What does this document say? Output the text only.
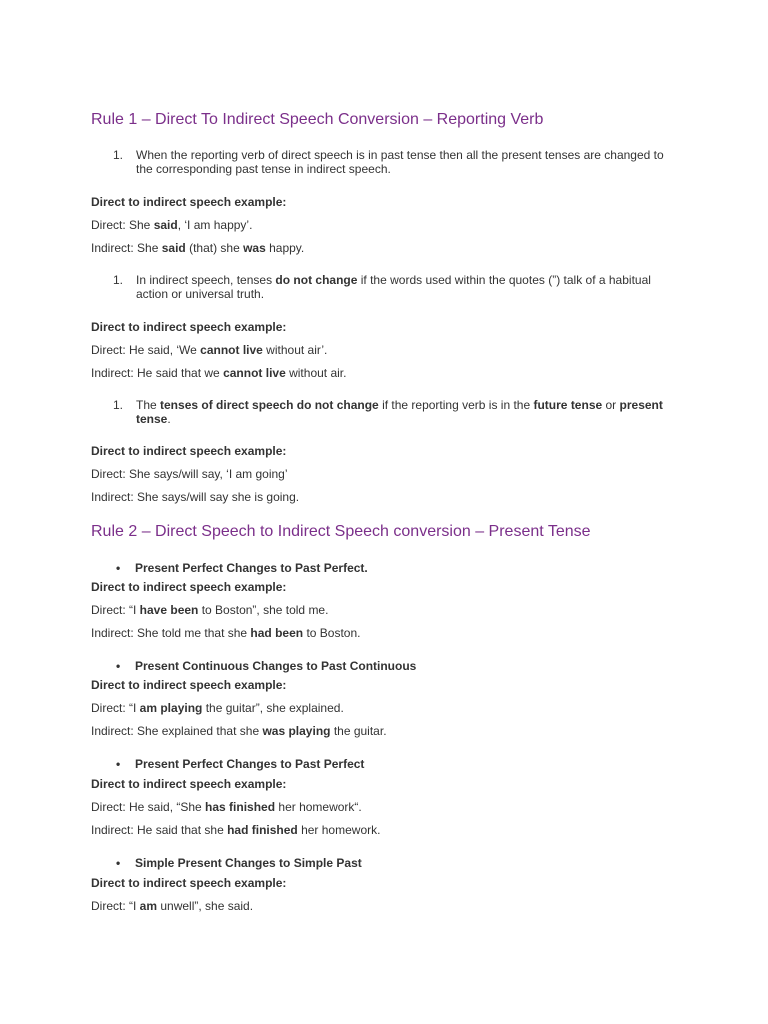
Rule 1 – Direct To Indirect Speech Conversion – Reporting Verb
1.	When the reporting verb of direct speech is in past tense then all the present tenses are changed to the corresponding past tense in indirect speech.
Direct to indirect speech example:
Direct: She said, ‘I am happy’.
Indirect: She said (that) she was happy.
1.	In indirect speech, tenses do not change if the words used within the quotes (”) talk of a habitual action or universal truth.
Direct to indirect speech example:
Direct: He said, ‘We cannot live without air’.
Indirect: He said that we cannot live without air.
1.	The tenses of direct speech do not change if the reporting verb is in the future tense or present tense.
Direct to indirect speech example:
Direct: She says/will say, ‘I am going’
Indirect: She says/will say she is going.
Rule 2 – Direct Speech to Indirect Speech conversion – Present Tense
• Present Perfect Changes to Past Perfect.
Direct to indirect speech example:
Direct: “I have been to Boston”, she told me.
Indirect: She told me that she had been to Boston.
• Present Continuous Changes to Past Continuous
Direct to indirect speech example:
Direct: “I am playing the guitar”, she explained.
Indirect: She explained that she was playing the guitar.
• Present Perfect Changes to Past Perfect
Direct to indirect speech example:
Direct: He said, “She has finished her homework“.
Indirect: He said that she had finished her homework.
• Simple Present Changes to Simple Past
Direct to indirect speech example:
Direct: “I am unwell”, she said.
